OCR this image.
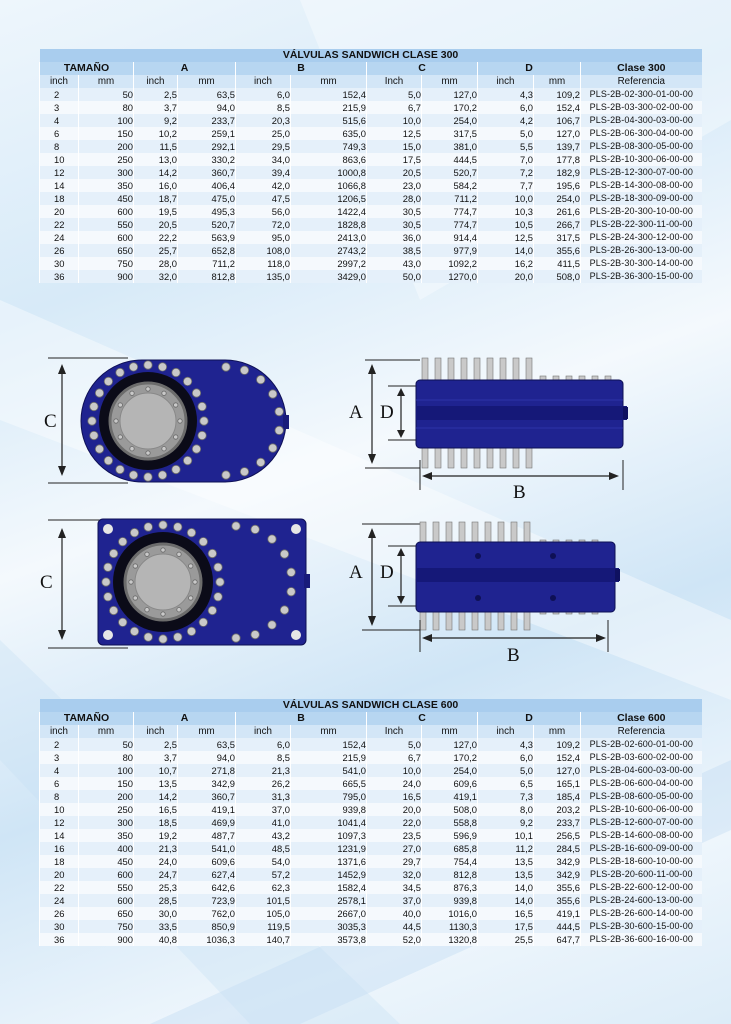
VÁLVULAS SANDWICH CLASE 300										
TAMAÑO		A		B		C		D		Clase 300
inch	mm	inch	mm	inch	mm	Inch	mm	inch	mm	Referencia
2	50	2,5	63,5	6,0	152,4	5,0	127,0	4,3	109,2	PLS-2B-02-300-01-00-00
3	80	3,7	94,0	8,5	215,9	6,7	170,2	6,0	152,4	PLS-2B-03-300-02-00-00
4	100	9,2	233,7	20,3	515,6	10,0	254,0	4,2	106,7	PLS-2B-04-300-03-00-00
6	150	10,2	259,1	25,0	635,0	12,5	317,5	5,0	127,0	PLS-2B-06-300-04-00-00
8	200	11,5	292,1	29,5	749,3	15,0	381,0	5,5	139,7	PLS-2B-08-300-05-00-00
10	250	13,0	330,2	34,0	863,6	17,5	444,5	7,0	177,8	PLS-2B-10-300-06-00-00
12	300	14,2	360,7	39,4	1000,8	20,5	520,7	7,2	182,9	PLS-2B-12-300-07-00-00
14	350	16,0	406,4	42,0	1066,8	23,0	584,2	7,7	195,6	PLS-2B-14-300-08-00-00
18	450	18,7	475,0	47,5	1206,5	28,0	711,2	10,0	254,0	PLS-2B-18-300-09-00-00
20	600	19,5	495,3	56,0	1422,4	30,5	774,7	10,3	261,6	PLS-2B-20-300-10-00-00
22	550	20,5	520,7	72,0	1828,8	30,5	774,7	10,5	266,7	PLS-2B-22-300-11-00-00
24	600	22,2	563,9	95,0	2413,0	36,0	914,4	12,5	317,5	PLS-2B-24-300-12-00-00
26	650	25,7	652,8	108,0	2743,2	38,5	977,9	14,0	355,6	PLS-2B-26-300-13-00-00
30	750	28,0	711,2	118,0	2997,2	43,0	1092,2	16,2	411,5	PLS-2B-30-300-14-00-00
36	900	32,0	812,8	135,0	3429,0	50,0	1270,0	20,0	508,0	PLS-2B-36-300-15-00-00
C	A D
B
C	A D
B
VÁLVULAS SANDWICH CLASE 600										
TAMAÑO		A		B		C		D		Clase 600
inch	mm	inch	mm	inch	mm	Inch	mm	inch	mm	Referencia
2	50	2,5	63,5	6,0	152,4	5,0	127,0	4,3	109,2	PLS-2B-02-600-01-00-00
3	80	3,7	94,0	8,5	215,9	6,7	170,2	6,0	152,4	PLS-2B-03-600-02-00-00
4	100	10,7	271,8	21,3	541,0	10,0	254,0	5,0	127,0	PLS-2B-04-600-03-00-00
6	150	13,5	342,9	26,2	665,5	24,0	609,6	6,5	165,1	PLS-2B-06-600-04-00-00
8	200	14,2	360,7	31,3	795,0	16,5	419,1	7,3	185,4	PLS-2B-08-600-05-00-00
10	250	16,5	419,1	37,0	939,8	20,0	508,0	8,0	203,2	PLS-2B-10-600-06-00-00
12	300	18,5	469,9	41,0	1041,4	22,0	558,8	9,2	233,7	PLS-2B-12-600-07-00-00
14	350	19,2	487,7	43,2	1097,3	23,5	596,9	10,1	256,5	PLS-2B-14-600-08-00-00
16	400	21,3	541,0	48,5	1231,9	27,0	685,8	11,2	284,5	PLS-2B-16-600-09-00-00
18	450	24,0	609,6	54,0	1371,6	29,7	754,4	13,5	342,9	PLS-2B-18-600-10-00-00
20	600	24,7	627,4	57,2	1452,9	32,0	812,8	13,5	342,9	PLS-2B-20-600-11-00-00
22	550	25,3	642,6	62,3	1582,4	34,5	876,3	14,0	355,6	PLS-2B-22-600-12-00-00
24	600	28,5	723,9	101,5	2578,1	37,0	939,8	14,0	355,6	PLS-2B-24-600-13-00-00
26	650	30,0	762,0	105,0	2667,0	40,0	1016,0	16,5	419,1	PLS-2B-26-600-14-00-00
30	750	33,5	850,9	119,5	3035,3	44,5	1130,3	17,5	444,5	PLS-2B-30-600-15-00-00
36	900	40,8	1036,3	140,7	3573,8	52,0	1320,8	25,5	647,7	PLS-2B-36-600-16-00-00
